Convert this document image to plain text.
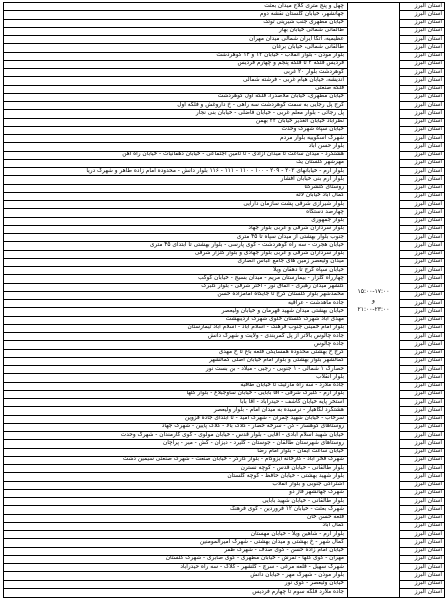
۱۵:۰۰-۱۷:۰۰
و
۲۱:۰۰-۲۳:۰۰
استان البرز
چهل و پنج متری کلاج میدان بعثت
استان البرز
جهانشهر، خیابان گلستان نقشه دوم
استان البرز
خیابان مطهری جنب شیرینی توتک
استان البرز
طالقانی شمالی خیابان بهار
استان البرز
عظیمیه، اتکا ایران شمالی میدان مهران
استان البرز
طالقانی شمالی، خیابان برغان
استان البرز
بلوار موذن - بلوار انقلاب - خیابان ۱۲ و ۱۴ گوهردشت
استان البرز
فردیس فلکه ۲ تا فلکه پنجم و چهارم فردیس
استان البرز
گوهردشت بلوار ۲۰ غربی
استان البرز
اندیشه، خیابان هیام غربی - فرشته شمالی
استان البرز
فلکه صنعتی
استان البرز
خیابان مطهری، خیابان ملاصدرا، فلکه اول گوهردشت
استان البرز
کرج پل رجایی به سمت گوهردشت سه راهی - خ داروغش و فلکه اول
استان البرز
پل رجائی - بلوار معلم غربی - خیابان فاضلی - خیابان بنی نجار
استان البرز
نظرآباد خیابان الغدیر خیابان ۲۲ بهمن
استان البرز
خیابان سپاه شهرک وحدت
استان البرز
شهرک اسکوییه بلوار مردم
استان البرز
بلوار حسن آباد
استان البرز
هشتگرد - میدان ساعت تا میدان آزادی - تا تامین اجتماعی - خیابان دهقانیات - خیابان راه آهن
استان البرز
مهرشهر گلستان یک
استان البرز
بلوار ارم - خیابانهای ۲۰۲ - ۲۰۹ - ۱۰۰ - ۱۱۰ - ۱۱۱ - ۱۱۶ بلوار دانش - محدوده امام زاده طاهر و شهرک دریا
استان البرز
بلوار ارم بنی خیابان افشار
استان البرز
روستای کلشرکتا
استان البرز
کمال آباد خیابان لاله
استان البرز
بلوار شیرازی شرقی پشت سازمان دارایی
استان البرز
چهارصد دستگاه
استان البرز
بلوار جمهوری
استان البرز
بلوار سرداران شرقی و غربی بلوار جهاد
استان البرز
جنوب بلوار بهشتی از میدان سپاه تا ۴۵ متری
استان البرز
خیابان هجرت - سه راه گوهردشت - کوی پارسی - بلوار بهشتی تا ابتدای ۴۵ متری
استان البرز
بلوار سرداران شرقی و غربی بلوار جهادی و بلوار گلزار شرقی
استان البرز
میدان ولیعصر زمین های جامع عباس انصاری
استان البرز
خیابان سپاه کرج تا دهقان ویلا
استان البرز
چهارراه گلزار - بیمارستان مریم - میدان بسیج - خیابان کوکب
استان البرز
گلشهر میدان رهبری - اتفاق نور - اختر شرقی - بلوار گلبرگ
استان البرز
محمدشهر بلوار گلستان کرج تا جایگاه امامزاده حسن
استان البرز
جاده ماهدشت - عراقیه
استان البرز
خیابان بهشتی میدان شهید قهرمان و خیابان ولیعصر
استان البرز
مهدی آباد شهرک گلستان خلوی شهرک اردیبهشت
استان البرز
بلوار امام خمینی جنوب فرهنگ - اسلام آباد - اسلام آباد تیمارستان
استان البرز
جاده چالوس بالاتر از پل کمربندی - ولایت و شهرک دانش
استان البرز
جاده چالوس
استان البرز
کرج خ بهشتی محدوده همسایگی قلعه باغ تا خ مهدی
استان البرز
کمالشهر بلوار بهشتی و بلوار امام خیابان اصلی کمالشهر
استان البرز
حصارک ۱ شمالی - ۱ جنوبی - رجبی - میلاد - بن بست نور
استان البرز
بلوار انقلاب
استان البرز
جاده ملارد - سه راه مارلیک تا خیابان طاقیه
استان البرز
بلوار ارم - گلبرگ شرقی - آقا بابایی - خیابان ساوجبلاغ - بلوار گلها
استان البرز
استخر پایه خیابان کاشف - حیدرآباد - آقا بابا
استان البرز
هشتگرد لگاهیار - نرسیده به میدان امام - بلوار ولیعصر
استان البرز
سرحاب - خیابان شهید چمران - شهرک امید - تا ابتدای جاده قزوین
استان البرز
روستاهای کوهسار - کن - سرخه حصار - کلاک بالا - کلاک پایین - شهرک جهاد
استان البرز
خیابان شهید اسلام آبادی - آقایی - بلوار قدس - خیابان مولوی - کوی کارمندان - شهرک وحدت
استان البرز
روستاهای شهرستان طالقان - جوستان - گلیرد - دیزان - کش - میر - پراچان
استان البرز
خیابان ساعت ایمان - بلوار امام رضا
استان البرز
شهرک فخر آباد - کارخانه ایزوگام - بلوار کارگر - خیابان صنعت - شهرک صنعتی سیمین دشت
استان البرز
بلوار طالقانی - خیابان قدس - کوچه نسترن
استان البرز
بلوار شهید بهشتی - خیابان حافظ - کوچه گلستان
استان البرز
اشتراکی جنوبی و بلوار انقلاب
استان البرز
شهرک جهانشهر فاز دو
استان البرز
بلوار طالقانی - خیابان شهید بابایی
استان البرز
شهرک بعثت - خیابان ۱۲ فروردین - کوی فرهنگ
استان البرز
قلعه حسن خان
استان البرز
کمال آباد
استان البرز
بلوار ارم - شاهین ویلا - خیابان مهستان
استان البرز
کمال شهر - خ بهشتی و میدان بهشتی - شهرک امیرالمومنین
استان البرز
خیابان امام زاده حسن - کوی صدف - شهرک ظفر
استان البرز
مهران - کوی گلها - تفرش - خیابان مطهری - کوی صابری - شهرک گلستان
استان البرز
شهرک سهیل - قلعه مرغی - سرچ - گلشهر - کلاک - سه راه حیدرآباد
استان البرز
بلوار موذن - شهرک مهر - خیابان دانش
استان البرز
خیابان ولیعصر - کوی نور
استان البرز
جاده ملارد فلکه سوم تا چهارم فردیس
